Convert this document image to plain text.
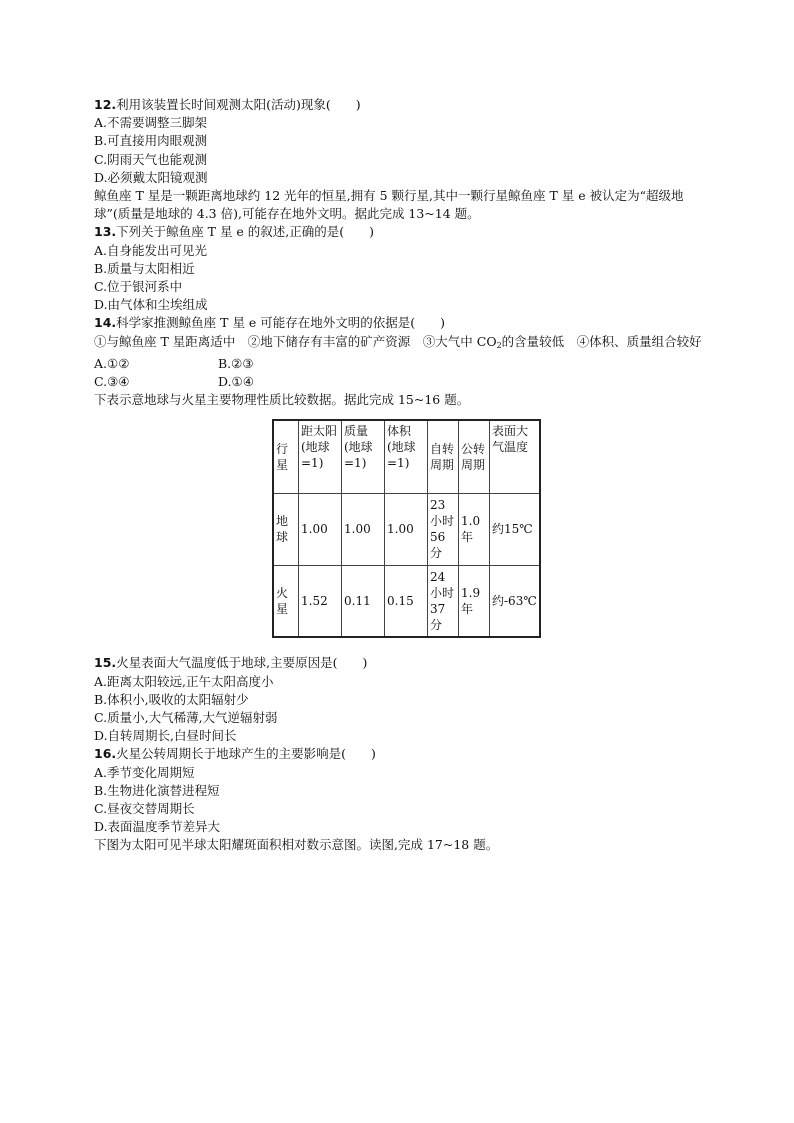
12.利用该装置长时间观测太阳(活动)现象(　　)
A.不需要调整三脚架
B.可直接用肉眼观测
C.阴雨天气也能观测
D.必须戴太阳镜观测
鲸鱼座 T 星是一颗距离地球约 12 光年的恒星,拥有 5 颗行星,其中一颗行星鲸鱼座 T 星 e 被认定为“超级地球”(质量是地球的 4.3 倍),可能存在地外文明。据此完成 13~14 题。
13.下列关于鲸鱼座 T 星 e 的叙述,正确的是(　　)
A.自身能发出可见光
B.质量与太阳相近
C.位于银河系中
D.由气体和尘埃组成
14.科学家推测鲸鱼座 T 星 e 可能存在地外文明的依据是(　　)
①与鲸鱼座 T 星距离适中　②地下储存有丰富的矿产资源　③大气中 $CO_2$的含量较低　④体积、质量组合较好
A.①②	B.②③
C.③④	D.①④
下表示意地球与火星主要物理性质比较数据。据此完成 15~16 题。
行星	距太阳(地球=1)	质量(地球=1)	体积(地球=1)	自转周期	公转周期	表面大气温度
地球	1.00	1.00	1.00	23小时56分	1.0年	约15℃
火星	1.52	0.11	0.15	24小时37分	1.9年	约-63℃
15.火星表面大气温度低于地球,主要原因是(　　)
A.距离太阳较远,正午太阳高度小
B.体积小,吸收的太阳辐射少
C.质量小,大气稀薄,大气逆辐射弱
D.自转周期长,白昼时间长
16.火星公转周期长于地球产生的主要影响是(　　)
A.季节变化周期短
B.生物进化演替进程短
C.昼夜交替周期长
D.表面温度季节差异大
下图为太阳可见半球太阳耀斑面积相对数示意图。读图,完成 17~18 题。
